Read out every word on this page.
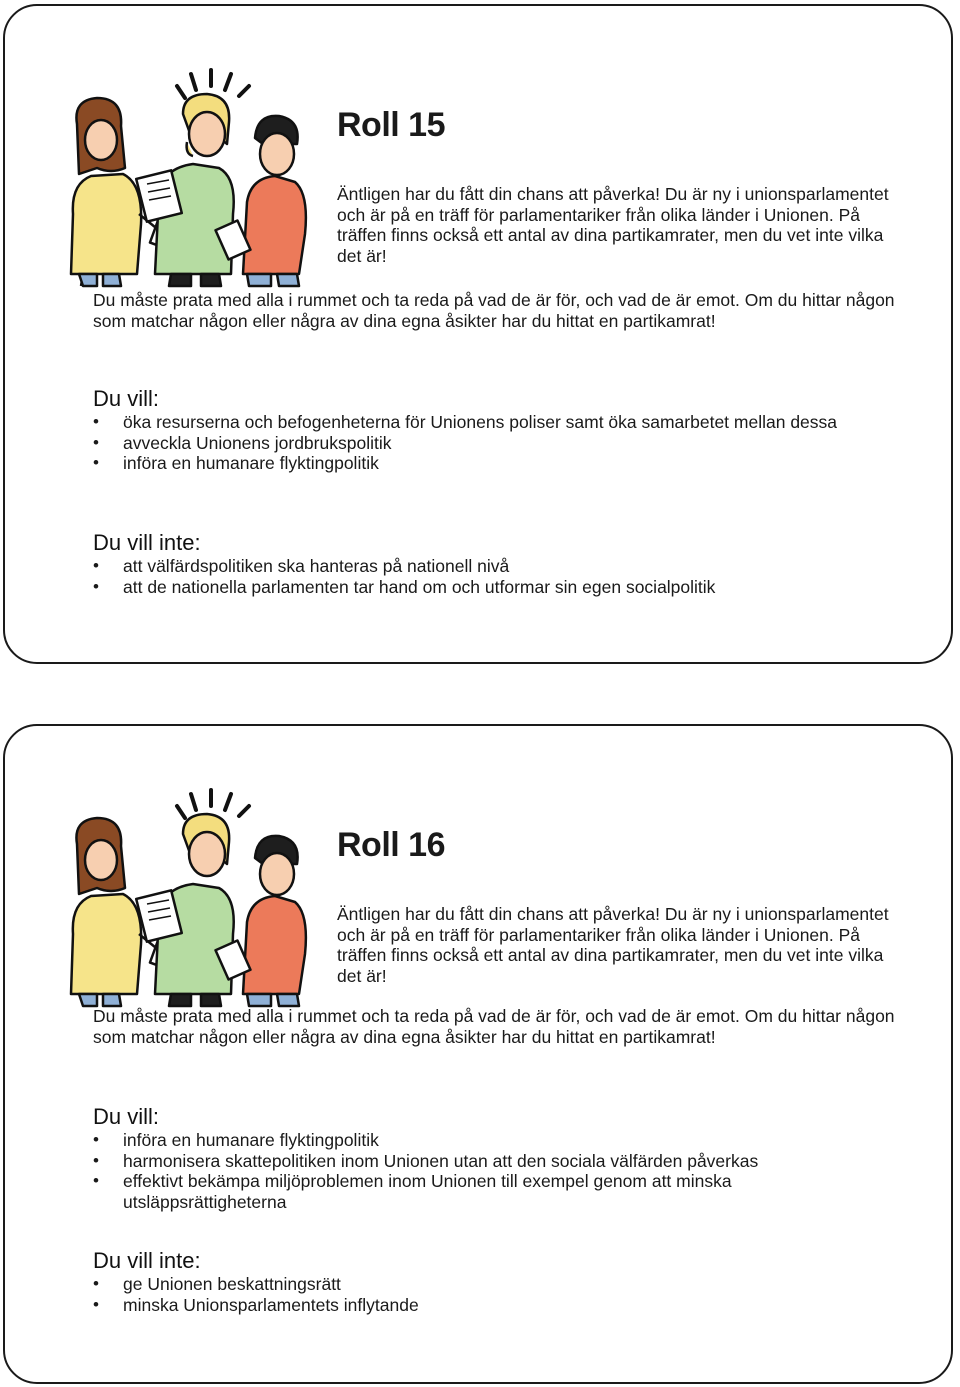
Roll 15

Äntligen har du fått din chans att påverka! Du är ny i unionsparlamentet och är på en träff för parlamentariker från olika länder i Unionen. På träffen finns också ett antal av dina partikamrater, men du vet inte vilka det är!

Du måste prata med alla i rummet och ta reda på vad de är för, och vad de är emot. Om du hittar någon som matchar någon eller några av dina egna åsikter har du hittat en partikamrat!

Du vill:
• öka resurserna och befogenheterna för Unionens poliser samt öka samarbetet mellan dessa
• avveckla Unionens jordbrukspolitik
• införa en humanare flyktingpolitik
Du vill inte:
• att välfärdspolitiken ska hanteras på nationell nivå
• att de nationella parlamenten tar hand om och utformar sin egen socialpolitik
Roll 16

Äntligen har du fått din chans att påverka! Du är ny i unionsparlamentet och är på en träff för parlamentariker från olika länder i Unionen. På träffen finns också ett antal av dina partikamrater, men du vet inte vilka det är!

Du måste prata med alla i rummet och ta reda på vad de är för, och vad de är emot. Om du hittar någon som matchar någon eller några av dina egna åsikter har du hittat en partikamrat!

Du vill:
• införa en humanare flyktingpolitik
• harmonisera skattepolitiken inom Unionen utan att den sociala välfärden påverkas
• effektivt bekämpa miljöproblemen inom Unionen till exempel genom att minska utsläppsrättigheterna
Du vill inte:
• ge Unionen beskattningsrätt
• minska Unionsparlamentets inflytande
